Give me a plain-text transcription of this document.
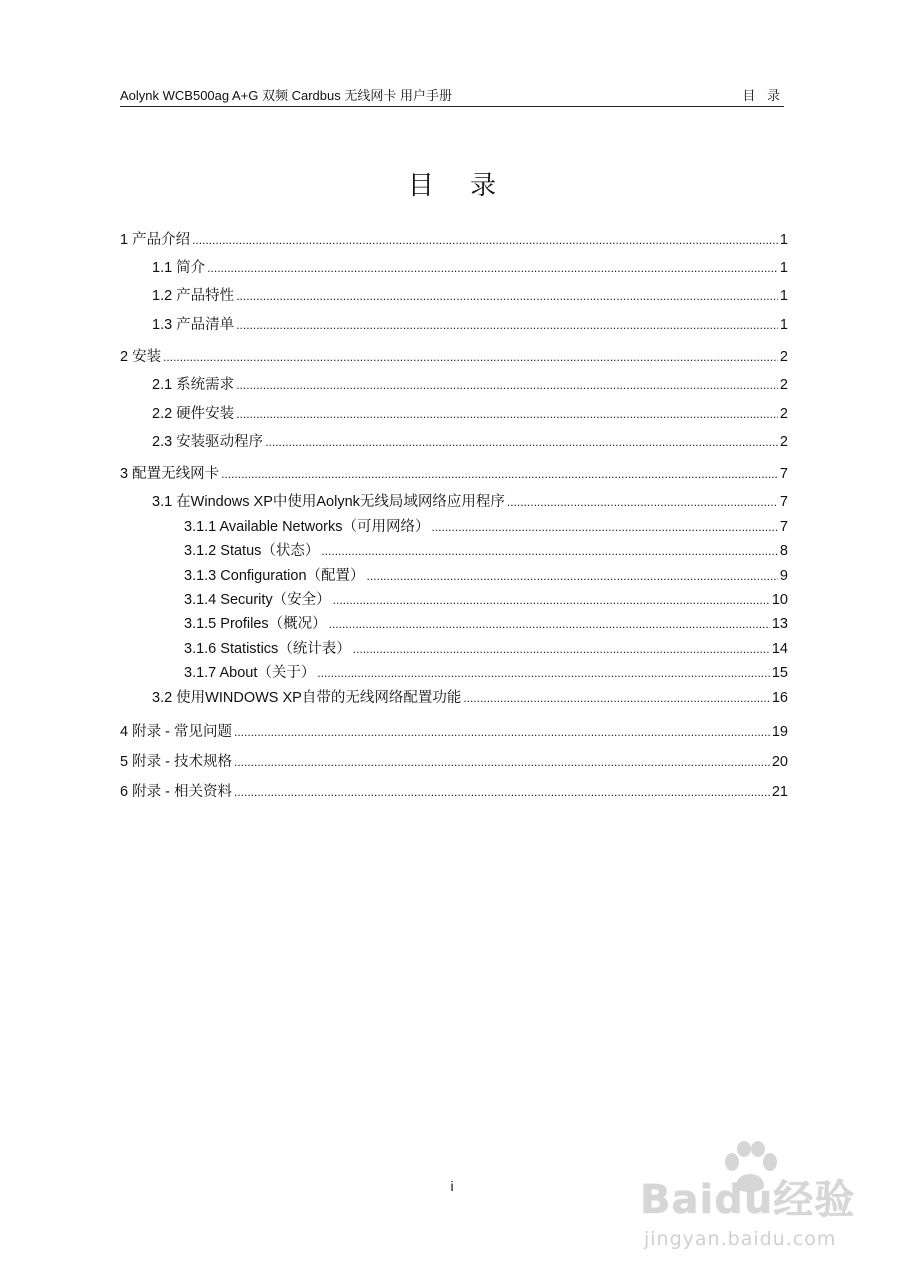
Aolynk WCB500ag A+G 双频 Cardbus 无线网卡 用户手册	目 录
目 录
1 产品介绍 .....	1
1.1 简介 .....	1
1.2 产品特性 .....	1
1.3 产品清单 .....	1
2 安装 .....	2
2.1 系统需求 .....	2
2.2 硬件安装 .....	2
2.3 安装驱动程序 .....	2
3 配置无线网卡 .....	7
3.1 在Windows XP中使用Aolynk无线局域网络应用程序 .....	7
3.1.1 Available Networks（可用网络） .....	7
3.1.2 Status（状态） .....	8
3.1.3 Configuration（配置） .....	9
3.1.4 Security（安全） .....	10
3.1.5 Profiles（概况） .....	13
3.1.6 Statistics（统计表） .....	14
3.1.7 About（关于） .....	15
3.2 使用WINDOWS XP自带的无线网络配置功能 .....	16
4 附录 - 常见问题 .....	19
5 附录 - 技术规格 .....	20
6 附录 - 相关资料 .....	21
i	Baidu经验
jingyan.baidu.com
